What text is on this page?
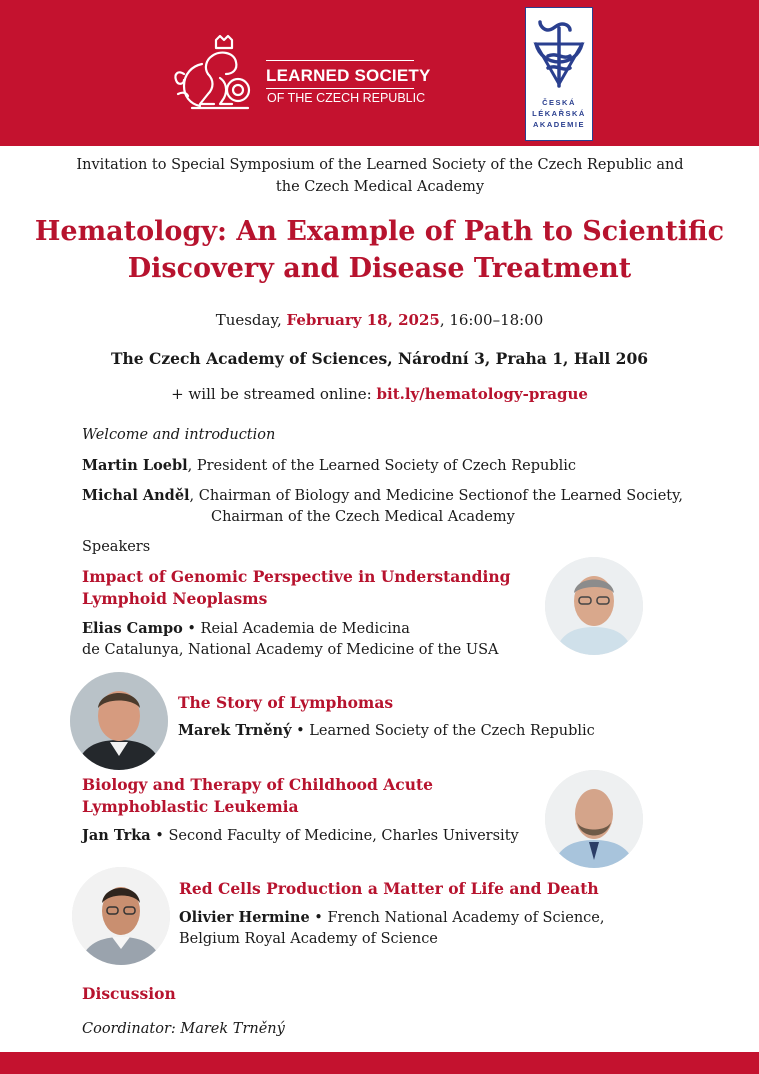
LEARNED SOCIETY
OF THE CZECH REPUBLIC	ČESKÁ
LÉKAŘSKÁ
AKADEMIE
Invitation to Special Symposium of the Learned Society of the Czech Republic and
the Czech Medical Academy
Hematology: An Example of Path to Scientific
Discovery and Disease Treatment
Tuesday, February 18, 2025, 16:00–18:00
The Czech Academy of Sciences, Národní 3, Praha 1, Hall 206
+ will be streamed online: bit.ly/hematology-prague
Welcome and introduction
Martin Loebl, President of the Learned Society of Czech Republic
Michal Anděl, Chairman of Biology and Medicine Sectionof the Learned Society,
Chairman of the Czech Medical Academy
Speakers
Impact of Genomic Perspective in Understanding
Lymphoid Neoplasms
Elias Campo • Reial Academia de Medicina
de Catalunya, National Academy of Medicine of the USA
The Story of Lymphomas
Marek Trněný • Learned Society of the Czech Republic
Biology and Therapy of Childhood Acute
Lymphoblastic Leukemia
Jan Trka • Second Faculty of Medicine, Charles University
Red Cells Production a Matter of Life and Death
Olivier Hermine • French National Academy of Science,
Belgium Royal Academy of Science
Discussion
Coordinator: Marek Trněný
